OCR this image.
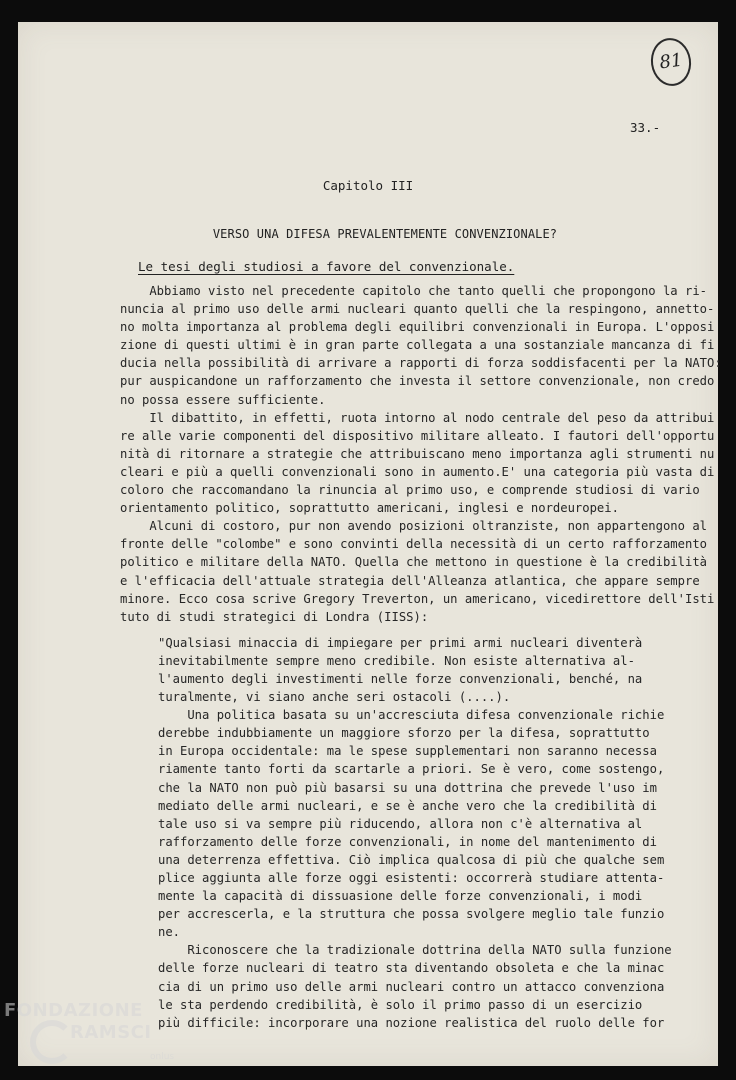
81
33.-
Capitolo III
VERSO UNA DIFESA PREVALENTEMENTE CONVENZIONALE?
Le tesi degli studiosi a favore del convenzionale.
Abbiamo visto nel precedente capitolo che tanto quelli che propongono la ri-
nuncia al primo uso delle armi nucleari quanto quelli che la respingono, annetto-
no molta importanza al problema degli equilibri convenzionali in Europa. L'opposi
zione di questi ultimi è in gran parte collegata a una sostanziale mancanza di fi
ducia nella possibilità di arrivare a rapporti di forza soddisfacenti per la NATO:
pur auspicandone un rafforzamento che investa il settore convenzionale, non credo
no possa essere sufficiente.
Il dibattito, in effetti, ruota intorno al nodo centrale del peso da attribui
re alle varie componenti del dispositivo militare alleato. I fautori dell'opportu
nità di ritornare a strategie che attribuiscano meno importanza agli strumenti nu
cleari e più a quelli convenzionali sono in aumento.E' una categoria più vasta di
coloro che raccomandano la rinuncia al primo uso, e comprende studiosi di vario
orientamento politico, soprattutto americani, inglesi e nordeuropei.
Alcuni di costoro, pur non avendo posizioni oltranziste, non appartengono al
fronte delle "colombe" e sono convinti della necessità di un certo rafforzamento
politico e militare della NATO. Quella che mettono in questione è la credibilità
e l'efficacia dell'attuale strategia dell'Alleanza atlantica, che appare sempre
minore. Ecco cosa scrive Gregory Treverton, un americano, vicedirettore dell'Isti
tuto di studi strategici di Londra (IISS):
"Qualsiasi minaccia di impiegare per primi armi nucleari diventerà
inevitabilmente sempre meno credibile. Non esiste alternativa al-
l'aumento degli investimenti nelle forze convenzionali, benché, na
turalmente, vi siano anche seri ostacoli (....).
Una politica basata su un'accresciuta difesa convenzionale richie
derebbe indubbiamente un maggiore sforzo per la difesa, soprattutto
in Europa occidentale: ma le spese supplementari non saranno necessa
riamente tanto forti da scartarle a priori. Se è vero, come sostengo,
che la NATO non può più basarsi su una dottrina che prevede l'uso im
mediato delle armi nucleari, e se è anche vero che la credibilità di
tale uso si va sempre più riducendo, allora non c'è alternativa al
rafforzamento delle forze convenzionali, in nome del mantenimento di
una deterrenza effettiva. Ciò implica qualcosa di più che qualche sem
plice aggiunta alle forze oggi esistenti: occorrerà studiare attenta-
mente la capacità di dissuasione delle forze convenzionali, i modi
per accrescerla, e la struttura che possa svolgere meglio tale funzio
ne.
Riconoscere che la tradizionale dottrina della NATO sulla funzione
delle forze nucleari di teatro sta diventando obsoleta e che la minac
cia di un primo uso delle armi nucleari contro un attacco convenziona
le sta perdendo credibilità, è solo il primo passo di un esercizio
più difficile: incorporare una nozione realistica del ruolo delle for
FONDAZIONE
RAMSCI
onlus
